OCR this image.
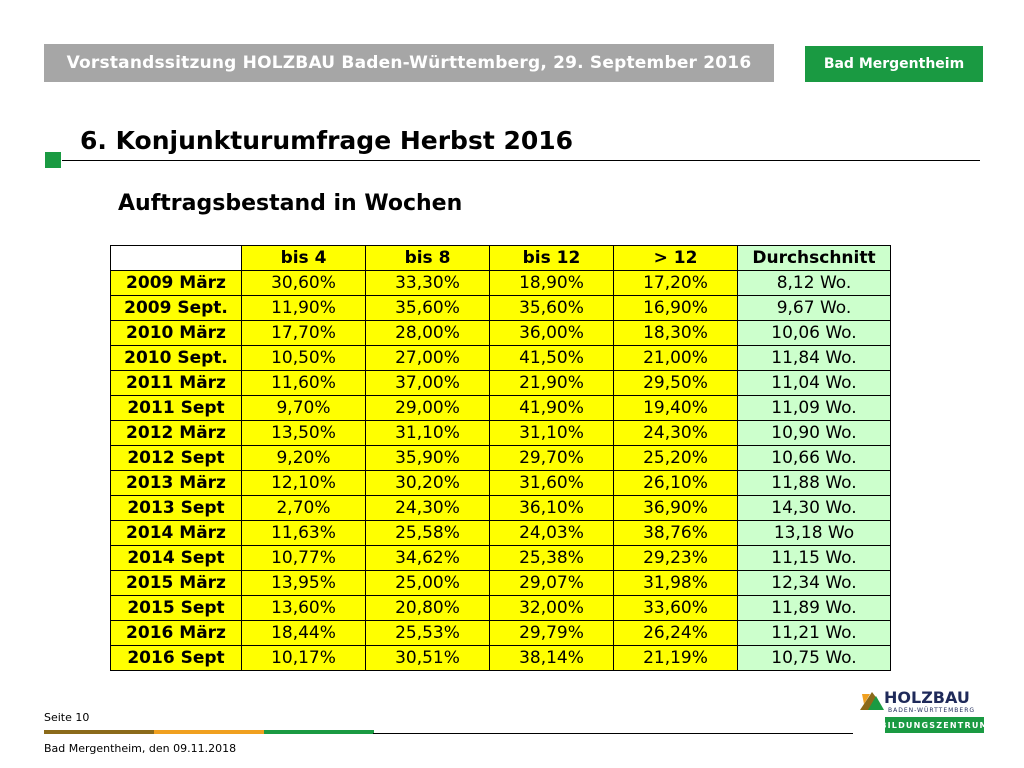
Vorstandssitzung HOLZBAU Baden-Württemberg, 29. September 2016	Bad Mergentheim
6. Konjunkturumfrage Herbst 2016
Auftragsbestand in Wochen
	bis 4	bis 8	bis 12	> 12	Durchschnitt
2009 März	30,60%	33,30%	18,90%	17,20%	8,12 Wo.
2009 Sept.	11,90%	35,60%	35,60%	16,90%	9,67 Wo.
2010 März	17,70%	28,00%	36,00%	18,30%	10,06 Wo.
2010 Sept.	10,50%	27,00%	41,50%	21,00%	11,84 Wo.
2011 März	11,60%	37,00%	21,90%	29,50%	11,04 Wo.
2011 Sept	9,70%	29,00%	41,90%	19,40%	11,09 Wo.
2012 März	13,50%	31,10%	31,10%	24,30%	10,90 Wo.
2012 Sept	9,20%	35,90%	29,70%	25,20%	10,66 Wo.
2013 März	12,10%	30,20%	31,60%	26,10%	11,88 Wo.
2013 Sept	2,70%	24,30%	36,10%	36,90%	14,30 Wo.
2014 März	11,63%	25,58%	24,03%	38,76%	13,18 Wo
2014 Sept	10,77%	34,62%	25,38%	29,23%	11,15 Wo.
2015 März	13,95%	25,00%	29,07%	31,98%	12,34 Wo.
2015 Sept	13,60%	20,80%	32,00%	33,60%	11,89 Wo.
2016 März	18,44%	25,53%	29,79%	26,24%	11,21 Wo.
2016 Sept	10,17%	30,51%	38,14%	21,19%	10,75 Wo.
Seite 10
Bad Mergentheim, den 09.11.2018
HOLZBAU
BADEN-WÜRTTEMBERG
BILDUNGSZENTRUM
